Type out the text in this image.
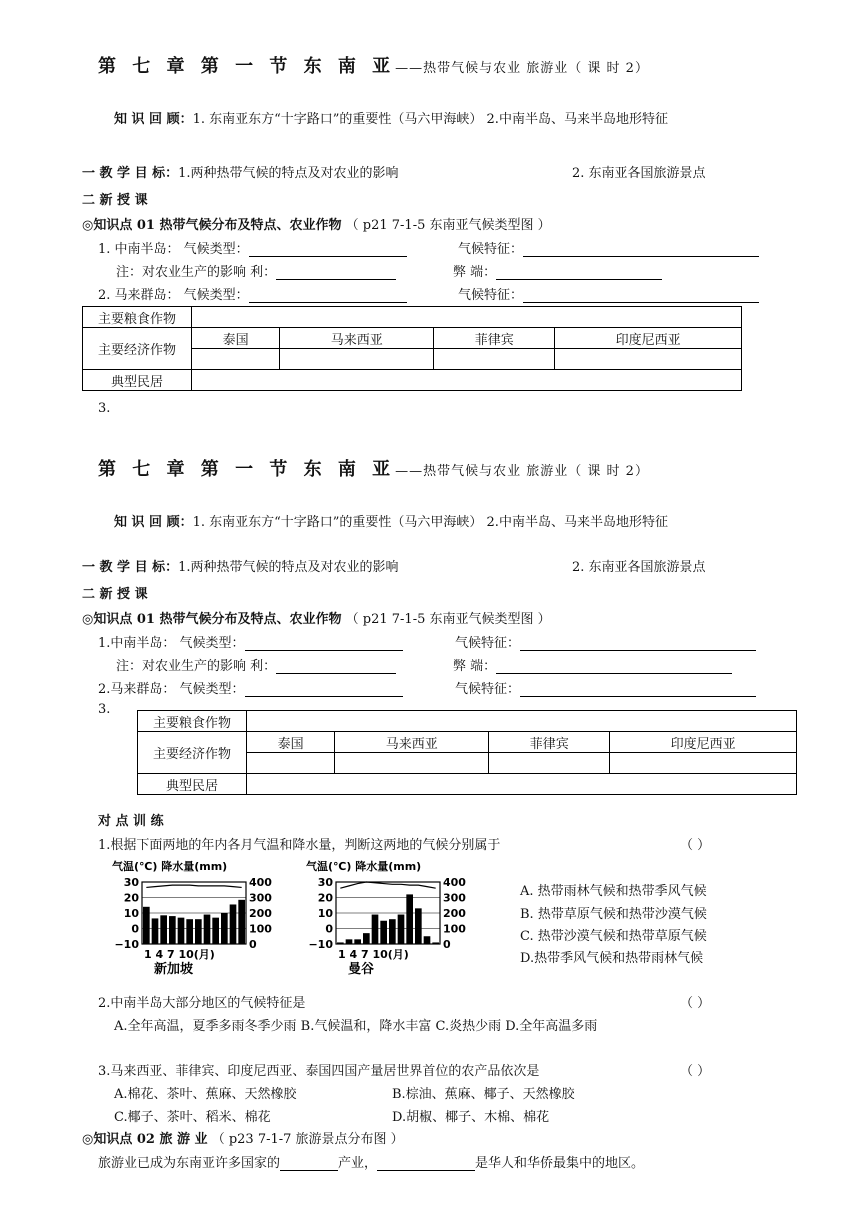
第 七 章 第 一 节 东 南 亚——热带气候与农业 旅游业（ 课 时 2）
知 识 回 顾：1. 东南亚东方“十字路口”的重要性（马六甲海峡） 2.中南半岛、马来半岛地形特征
一 教 学 目 标：1.两种热带气候的特点及对农业的影响	2. 东南亚各国旅游景点
二 新 授 课
◎知识点 01 热带气候分布及特点、农业作物 （ p21 7-1-5 东南亚气候类型图 ）
1. 中南半岛： 气候类型：	气候特征：
注：对农业生产的影响 利：	弊 端：
2. 马来群岛： 气候类型：	气候特征：
主要粮食作物				
主要经济作物	泰国	马来西亚	菲律宾	印度尼西亚

典型民居				
3.
第 七 章 第 一 节 东 南 亚——热带气候与农业 旅游业（ 课 时 2）
知 识 回 顾：1. 东南亚东方“十字路口”的重要性（马六甲海峡） 2.中南半岛、马来半岛地形特征
一 教 学 目 标：1.两种热带气候的特点及对农业的影响	2. 东南亚各国旅游景点
二 新 授 课
◎知识点 01 热带气候分布及特点、农业作物 （ p21 7-1-5 东南亚气候类型图 ）
1.中南半岛： 气候类型：	气候特征：
注：对农业生产的影响 利：	弊 端：
2.马来群岛： 气候类型：	气候特征：
3.
主要粮食作物				
主要经济作物	泰国	马来西亚	菲律宾	印度尼西亚

典型民居				
对 点 训 练
1.根据下面两地的年内各月气温和降水量，判断这两地的气候分别属于	（ ）
气温(℃) 降水量(mm)
30
20
10
0
−10
400
300
200
100
0
1 4 7 10(月)
新加坡
气温(℃) 降水量(mm)
30
20
10
0
−10
400
300
200
100
0
1 4 7 10(月)
曼谷
A. 热带雨林气候和热带季风气候
B. 热带草原气候和热带沙漠气候
C. 热带沙漠气候和热带草原气候
D.热带季风气候和热带雨林气候
2.中南半岛大部分地区的气候特征是	（ ）
A.全年高温，夏季多雨冬季少雨 B.气候温和，降水丰富 C.炎热少雨 D.全年高温多雨
3.马来西亚、菲律宾、印度尼西亚、泰国四国产量居世界首位的农产品依次是	（ ）
A.棉花、茶叶、蕉麻、天然橡胶	B.棕油、蕉麻、椰子、天然橡胶
C.椰子、茶叶、稻米、棉花	D.胡椒、椰子、木棉、棉花
◎知识点 02 旅 游 业 （ p23 7-1-7 旅游景点分布图 ）
旅游业已成为东南亚许多国家的	产业，	是华人和华侨最集中的地区。
